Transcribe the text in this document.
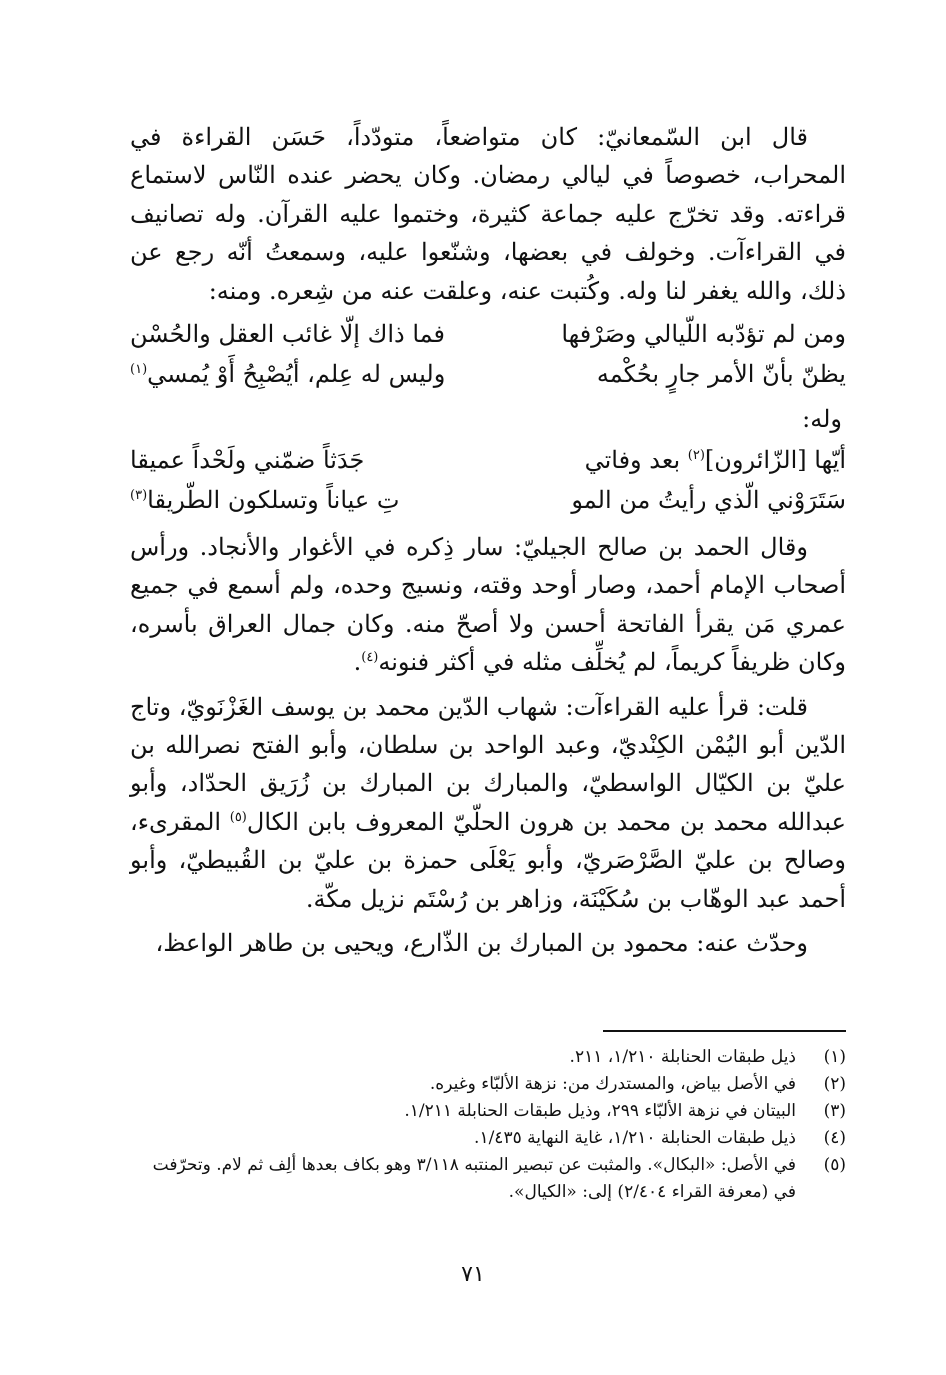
قال ابن السّمعانيّ: كان متواضعاً، متودّداً، حَسَن القراءة في المحراب، خصوصاً في ليالي رمضان. وكان يحضر عنده النّاس لاستماع قراءته. وقد تخرّج عليه جماعة كثيرة، وختموا عليه القرآن. وله تصانيف في القراءآت. وخولف في بعضها، وشنّعوا عليه، وسمعتُ أنّه رجع عن ذلك، والله يغفر لنا وله. وكُتبت عنه، وعلقت عنه من شِعره. ومنه:

ومن لم تؤدّبه اللّيالي وصَرْفها
فما ذاك إلّا غائب العقل والحُسْن
يظنّ بأنّ الأمر جارٍ بحُكْمه
وليس له عِلم، أيُصْبِحُ أَوْ يُمسي$^{(١)}$
وله:
أيّها [الزّائرون]$^{(٢)}$ بعد وفاتي
جَدَثاً ضمّني ولَحْداً عميقا
سَتَرَوْني الّذي رأيتُ من المو
تِ عياناً وتسلكون الطّريقا$^{(٣)}$

وقال الحمد بن صالح الجيليّ: سار ذِكره في الأغوار والأنجاد. ورأس أصحاب الإمام أحمد، وصار أوحد وقته، ونسيج وحده، ولم أسمع في جميع عمري مَن يقرأ الفاتحة أحسن ولا أصحّ منه. وكان جمال العراق بأسره، وكان ظريفاً كريماً، لم يُخلِّف مثله في أكثر فنونه$^{(٤)}$.

قلت: قرأ عليه القراءآت: شهاب الدّين محمد بن يوسف الغَزْنَويّ، وتاج الدّين أبو اليُمْن الكِنْديّ، وعبد الواحد بن سلطان، وأبو الفتح نصرالله بن عليّ بن الكيّال الواسطيّ، والمبارك بن المبارك بن زُرَيق الحدّاد، وأبو عبدالله محمد بن محمد بن هرون الحلّيّ المعروف بابن الكال$^{(٥)}$ المقرىء، وصالح بن عليّ الصَّرْصَريّ، وأبو يَعْلَى حمزة بن عليّ بن القُبيطيّ، وأبو أحمد عبد الوهّاب بن سُكَيْنَة، وزاهر بن رُسْتَم نزيل مكّة.

وحدّث عنه: محمود بن المبارك بن الذّارع، ويحيى بن طاهر الواعظ،

(١)
ذيل طبقات الحنابلة ١/٢١٠، ٢١١.
(٢)
في الأصل بياض، والمستدرك من: نزهة الألبّاء وغيره.
(٣)
البيتان في نزهة الألبّاء ٢٩٩، وذيل طبقات الحنابلة ١/٢١١.
(٤)
ذيل طبقات الحنابلة ١/٢١٠، غاية النهاية ١/٤٣٥.
(٥)
في الأصل: «البكال». والمثبت عن تبصير المنتبه ٣/١١٨ وهو بكاف بعدها ألِف ثم لام. وتحرّفت في (معرفة القراء ٢/٤٠٤) إلى: «الكيال».
٧١
